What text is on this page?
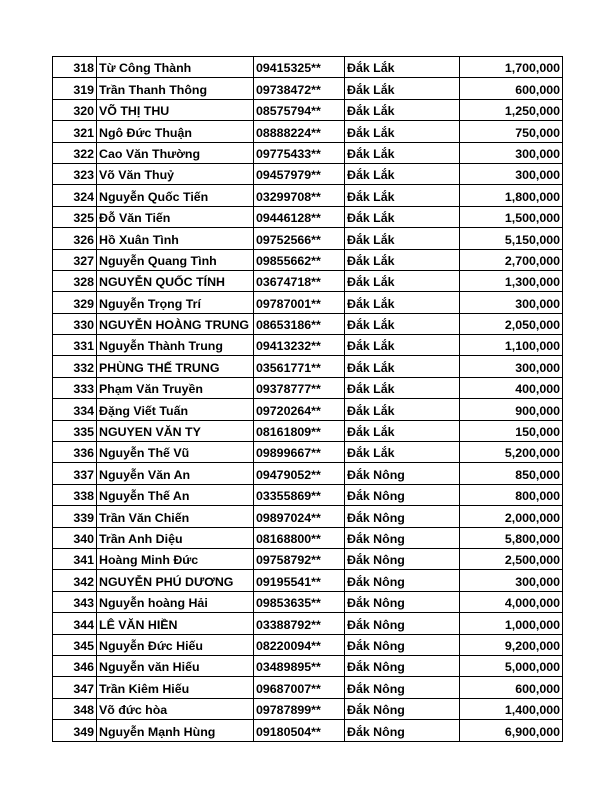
318	Từ Công Thành	09415325**	Đắk Lắk	1,700,000
319	Trần Thanh Thông	09738472**	Đắk Lắk	600,000
320	VÕ THỊ THU	08575794**	Đắk Lắk	1,250,000
321	Ngô Đức Thuận	08888224**	Đắk Lắk	750,000
322	Cao Văn Thường	09775433**	Đắk Lắk	300,000
323	Võ Văn Thuỷ	09457979**	Đắk Lắk	300,000
324	Nguyễn Quốc Tiến	03299708**	Đắk Lắk	1,800,000
325	Đỗ Văn Tiến	09446128**	Đắk Lắk	1,500,000
326	Hồ Xuân Tình	09752566**	Đắk Lắk	5,150,000
327	Nguyễn Quang Tình	09855662**	Đắk Lắk	2,700,000
328	NGUYỄN QUỐC TÍNH	03674718**	Đắk Lắk	1,300,000
329	Nguyễn Trọng Trí	09787001**	Đắk Lắk	300,000
330	NGUYỄN HOÀNG TRUNG	08653186**	Đắk Lắk	2,050,000
331	Nguyễn Thành Trung	09413232**	Đắk Lắk	1,100,000
332	PHÙNG THẾ TRUNG	03561771**	Đắk Lắk	300,000
333	Phạm Văn Truyền	09378777**	Đắk Lắk	400,000
334	Đặng Viết Tuấn	09720264**	Đắk Lắk	900,000
335	NGUYEN VĂN TY	08161809**	Đắk Lắk	150,000
336	Nguyễn Thế Vũ	09899667**	Đắk Lắk	5,200,000
337	Nguyễn Văn An	09479052**	Đắk Nông	850,000
338	Nguyễn Thế An	03355869**	Đắk Nông	800,000
339	Trần Văn Chiến	09897024**	Đắk Nông	2,000,000
340	Trần Anh Diệu	08168800**	Đắk Nông	5,800,000
341	Hoàng Minh Đức	09758792**	Đắk Nông	2,500,000
342	NGUYỄN PHÚ DƯƠNG	09195541**	Đắk Nông	300,000
343	Nguyễn hoàng Hải	09853635**	Đắk Nông	4,000,000
344	LÊ VĂN HIỀN	03388792**	Đắk Nông	1,000,000
345	Nguyễn Đức Hiếu	08220094**	Đắk Nông	9,200,000
346	Nguyễn văn Hiếu	03489895**	Đắk Nông	5,000,000
347	Trần Kiêm Hiếu	09687007**	Đắk Nông	600,000
348	Võ đức hòa	09787899**	Đắk Nông	1,400,000
349	Nguyễn Mạnh Hùng	09180504**	Đắk Nông	6,900,000
